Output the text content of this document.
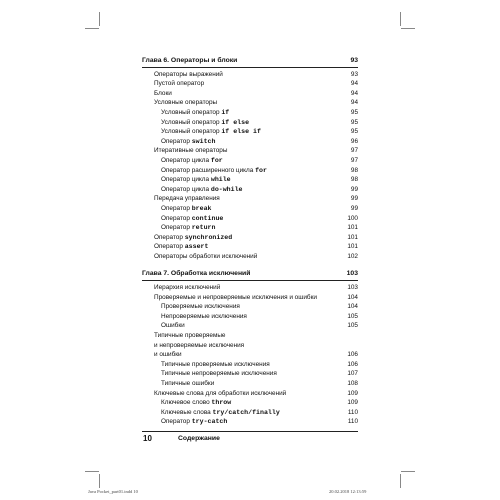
Глава 6. Операторы и блоки	93
Операторы выражений	93
Пустой оператор	94
Блоки	94
Условные операторы	94
Условный оператор if	95
Условный оператор if else	95
Условный оператор if else if	95
Оператор switch	96
Итеративные операторы	97
Оператор цикла for	97
Оператор расширенного цикла for	98
Оператор цикла while	98
Оператор цикла do-while	99
Передача управления	99
Оператор break	99
Оператор continue	100
Оператор return	101
Оператор synchronized	101
Оператор assert	101
Операторы обработки исключений	102
Глава 7. Обработка исключений	103
Иерархия исключений	103
Проверяемые и непроверяемые исключения и ошибки	104
Проверяемые исключения	104
Непроверяемые исключения	105
Ошибки	105
Типичные проверяемые
и непроверяемые исключения
и ошибки	106
Типичные проверяемые исключения	106
Типичные непроверяемые исключения	107
Типичные ошибки	108
Ключевые слова для обработки исключений	109
Ключевое слово throw	109
Ключевые слова try/catch/finally	110
Оператор try-catch	110
10	Содержание
Java Pocket_part01.indd 10	20.02.2018 12:13:59
